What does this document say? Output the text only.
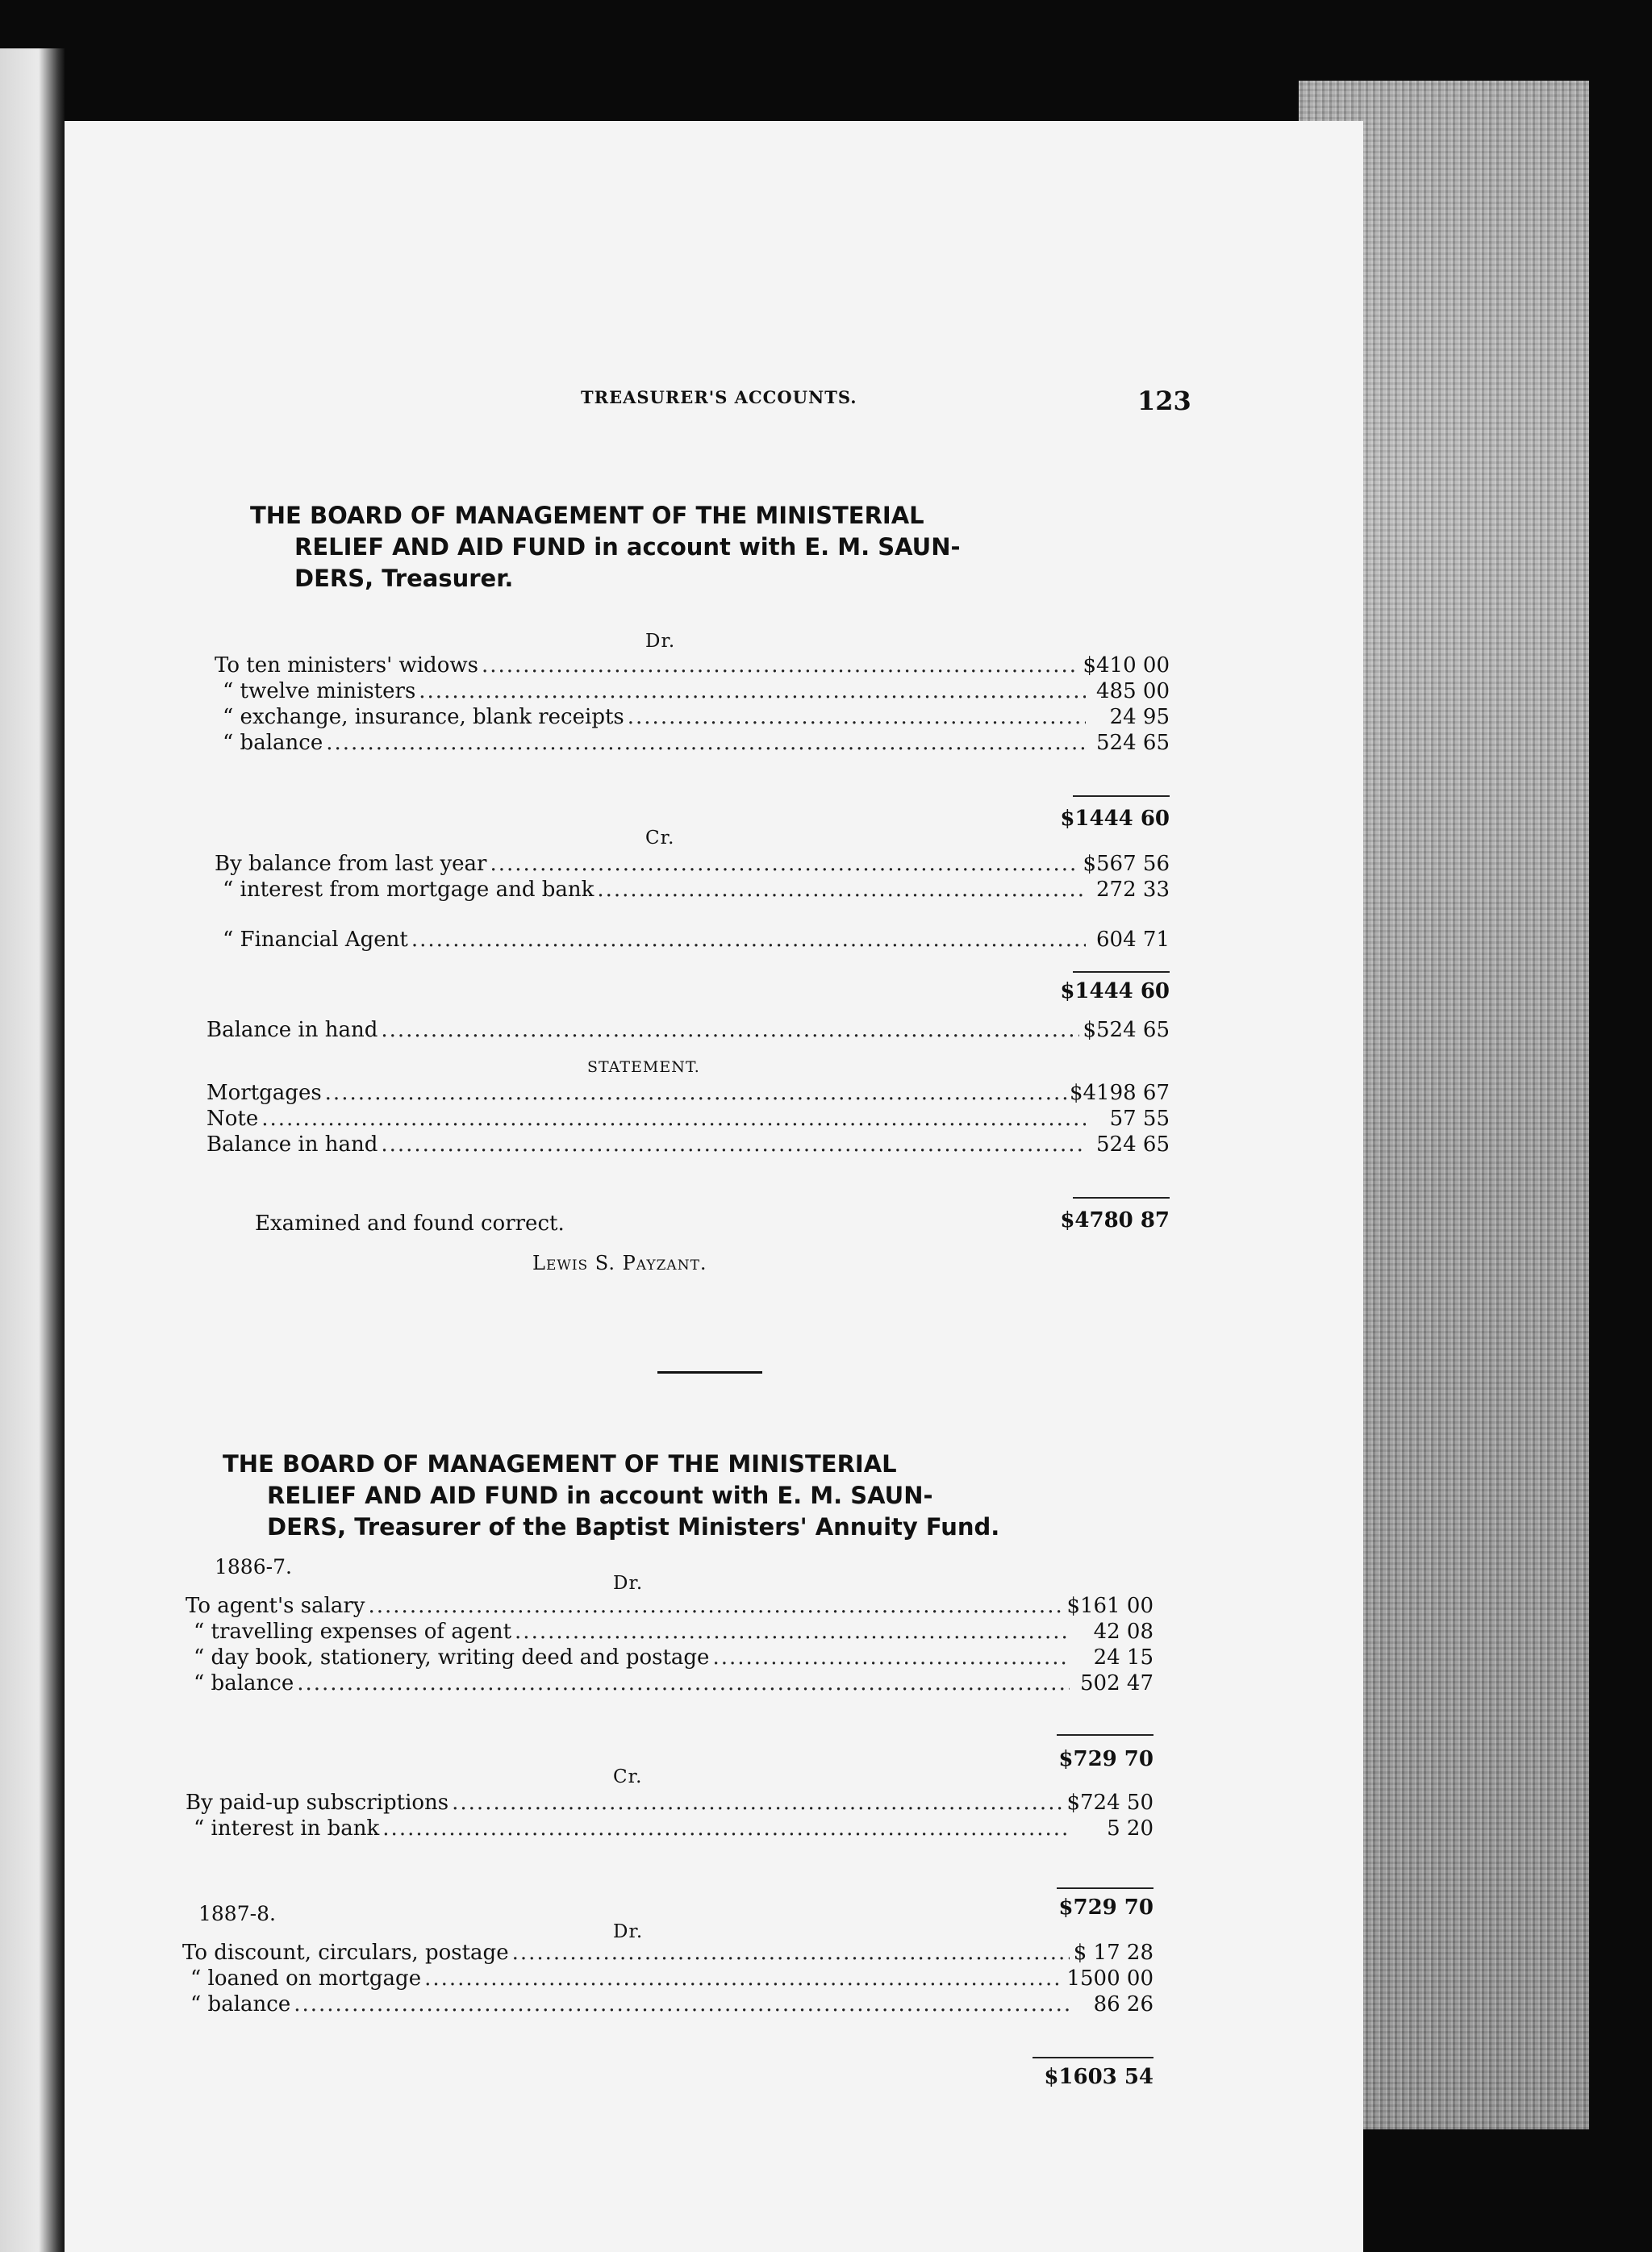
TREASURER'S ACCOUNTS.	123
THE BOARD OF MANAGEMENT OF THE MINISTERIAL
RELIEF AND AID FUND in account with E. M. SAUN-
DERS, Treasurer.
Dr.
To ten ministers' widows .....	$410 00
“ twelve ministers .....	485 00
“ exchange, insurance, blank receipts .....	24 95
“ balance .....	524 65
$1444 60
Cr.
By balance from last year .....	$567 56
“ interest from mortgage and bank .....	272 33
“ Financial Agent .....	604 71
$1444 60
Balance in hand .....	$524 65
STATEMENT.
Mortgages .....	$4198 67
Note .....	57 55
Balance in hand .....	524 65
Examined and found correct.	$4780 87
Lewis S. Payzant.
THE BOARD OF MANAGEMENT OF THE MINISTERIAL
RELIEF AND AID FUND in account with E. M. SAUN-
DERS, Treasurer of the Baptist Ministers' Annuity Fund.
1886-7.
Dr.
To agent's salary .....	$161 00
“ travelling expenses of agent .....	42 08
“ day book, stationery, writing deed and postage .....	24 15
“ balance .....	502 47
$729 70
Cr.
By paid-up subscriptions .....	$724 50
“ interest in bank .....	5 20
$729 70
1887-8.
Dr.
To discount, circulars, postage .....	$ 17 28
“ loaned on mortgage .....	1500 00
“ balance .....	86 26
$1603 54
